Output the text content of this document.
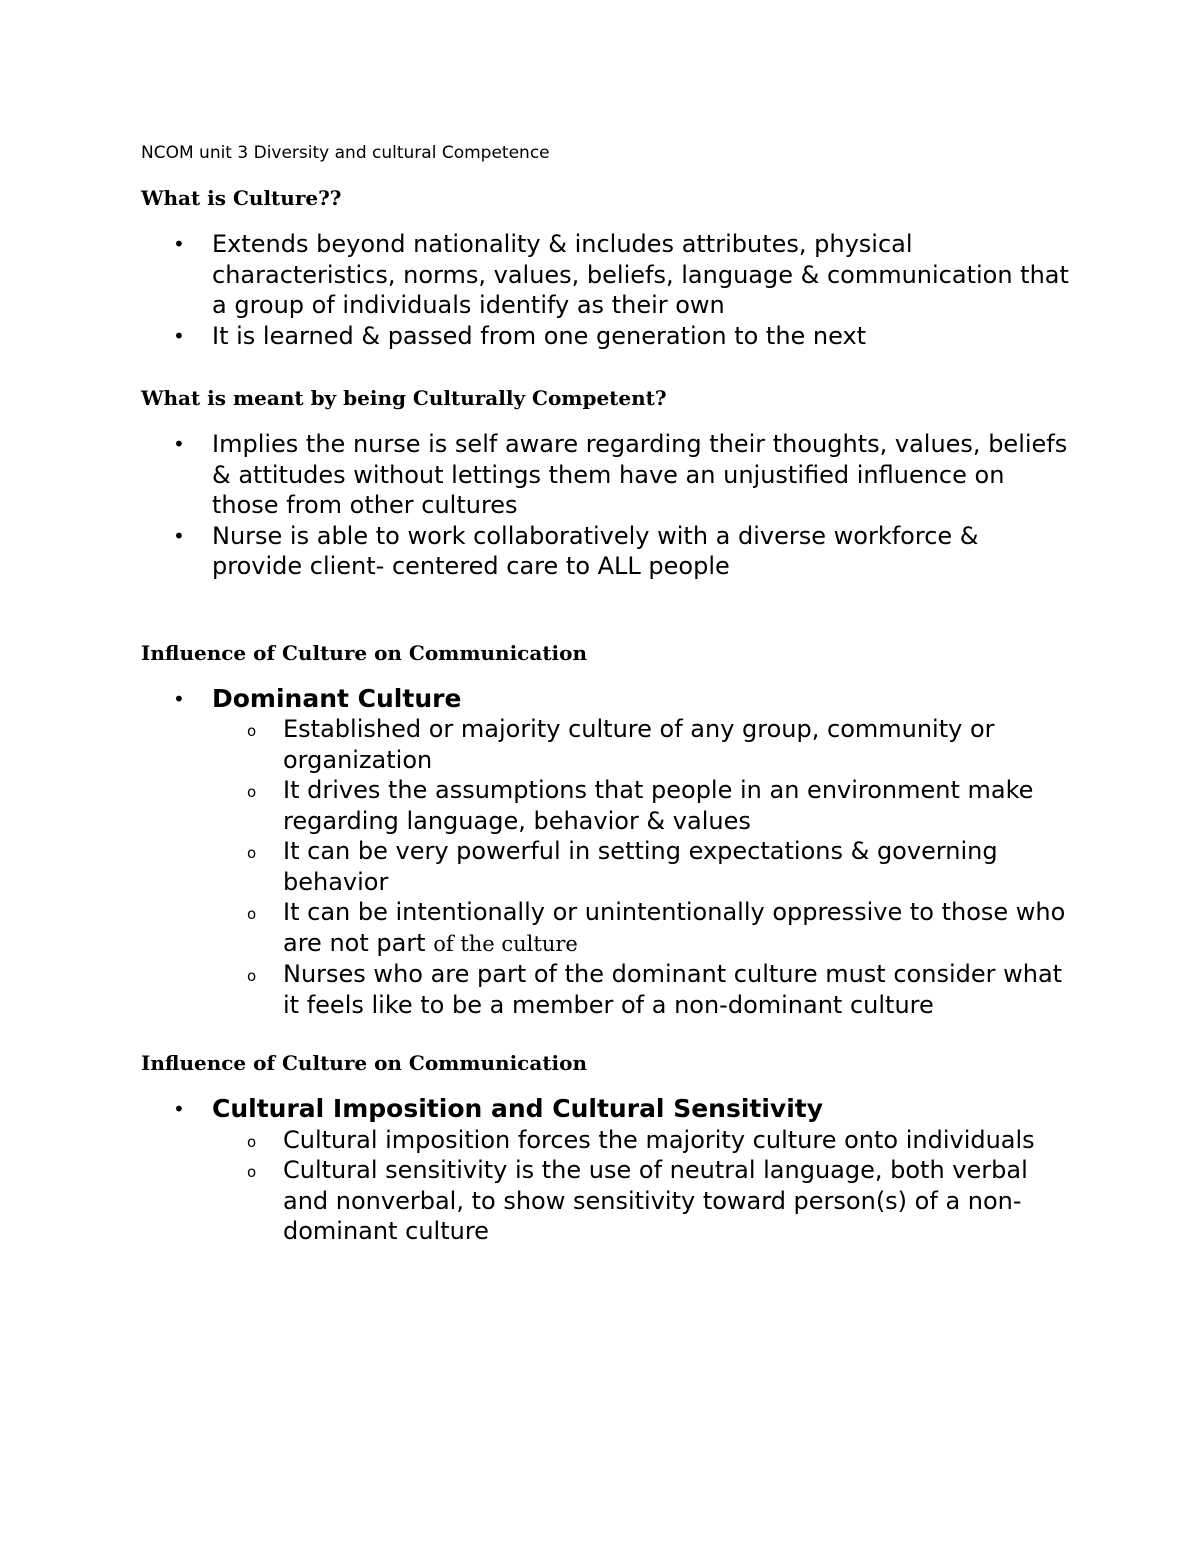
NCOM unit 3 Diversity and cultural Competence
What is Culture??
• Extends beyond nationality & includes attributes, physical characteristics, norms, values, beliefs, language & communication that a group of individuals identify as their own
• It is learned & passed from one generation to the next
What is meant by being Culturally Competent?
• Implies the nurse is self aware regarding their thoughts, values, beliefs & attitudes without lettings them have an unjustified influence on those from other cultures
• Nurse is able to work collaboratively with a diverse workforce & provide client- centered care to ALL people
Influence of Culture on Communication
• Dominant Culture
o Established or majority culture of any group, community or organization
o It drives the assumptions that people in an environment make regarding language, behavior & values
o It can be very powerful in setting expectations & governing behavior
o It can be intentionally or unintentionally oppressive to those who are not part of the culture
o Nurses who are part of the dominant culture must consider what it feels like to be a member of a non-dominant culture
Influence of Culture on Communication
• Cultural Imposition and Cultural Sensitivity
o Cultural imposition forces the majority culture onto individuals
o Cultural sensitivity is the use of neutral language, both verbal and nonverbal, to show sensitivity toward person(s) of a non-dominant culture
